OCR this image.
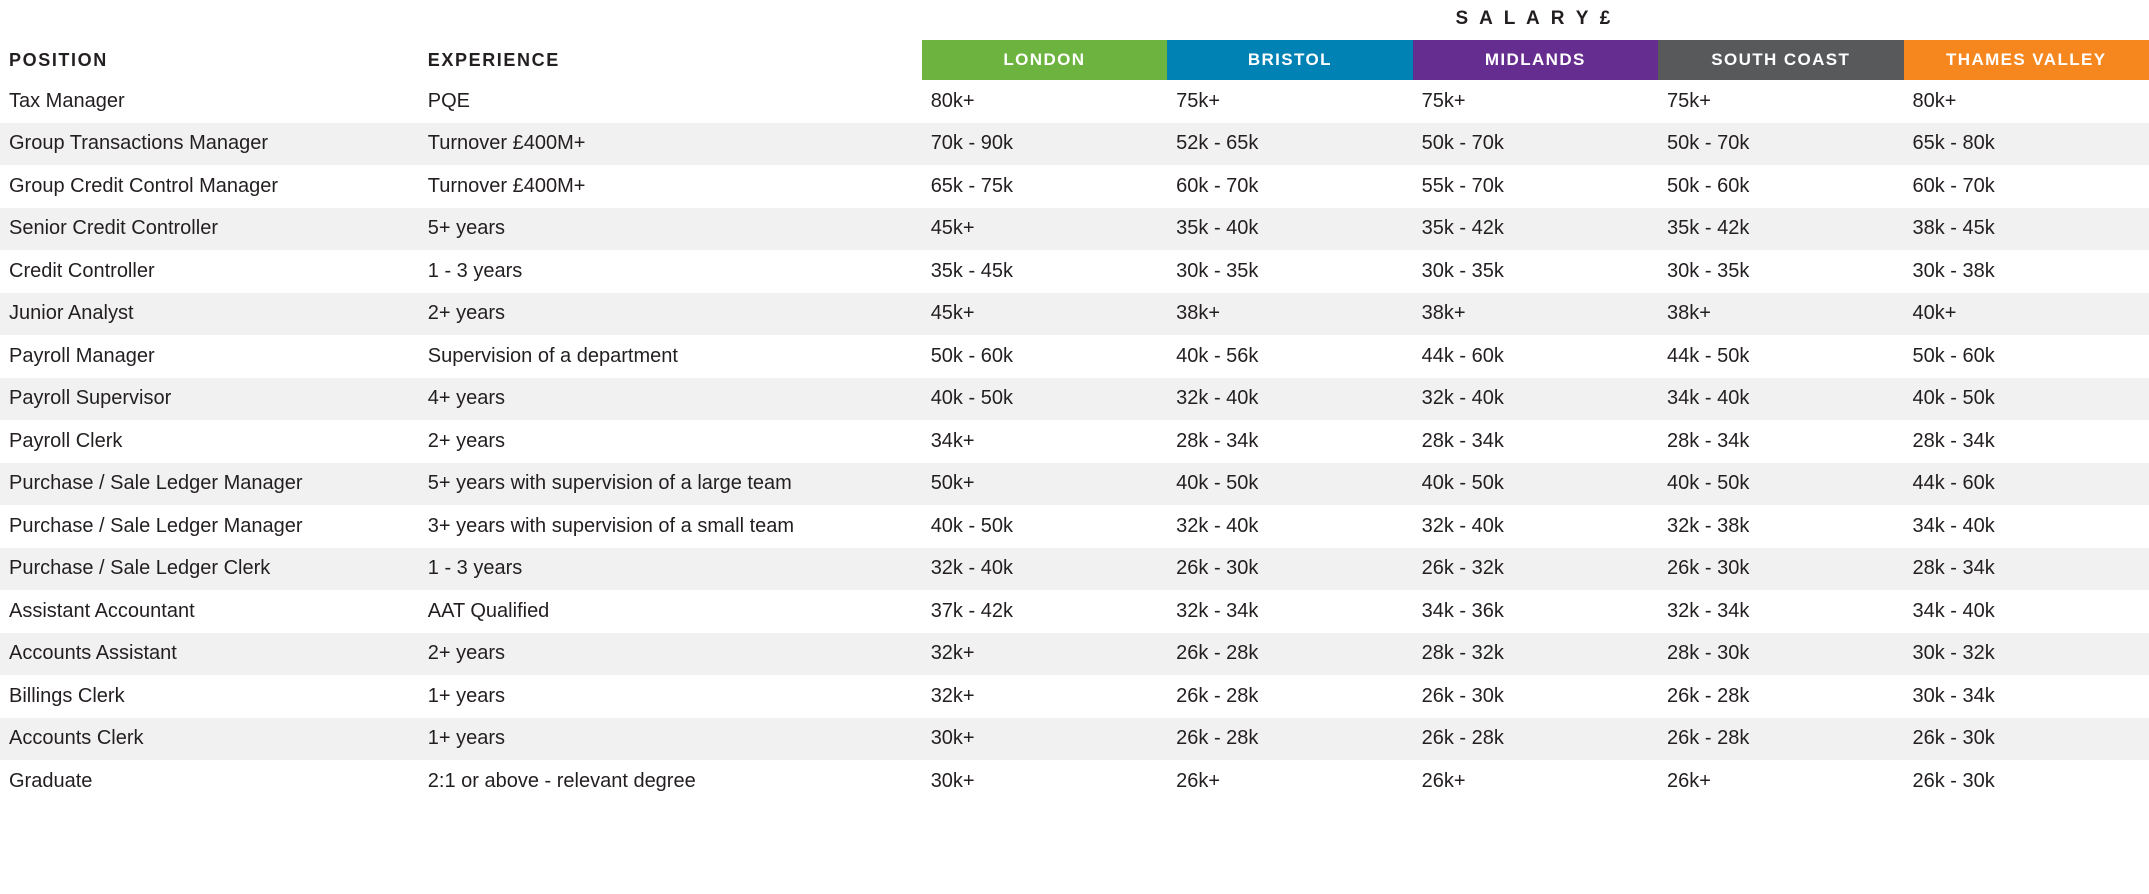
S A L A R Y £
POSITION	EXPERIENCE	LONDON	BRISTOL	MIDLANDS	SOUTH COAST	THAMES VALLEY
Tax Manager	PQE	80k+	75k+	75k+	75k+	80k+
Group Transactions Manager	Turnover £400M+	70k - 90k	52k - 65k	50k - 70k	50k - 70k	65k - 80k
Group Credit Control Manager	Turnover £400M+	65k - 75k	60k - 70k	55k - 70k	50k - 60k	60k - 70k
Senior Credit Controller	5+ years	45k+	35k - 40k	35k - 42k	35k - 42k	38k - 45k
Credit Controller	1 - 3 years	35k - 45k	30k - 35k	30k - 35k	30k - 35k	30k - 38k
Junior Analyst	2+ years	45k+	38k+	38k+	38k+	40k+
Payroll Manager	Supervision of a department	50k - 60k	40k - 56k	44k - 60k	44k - 50k	50k - 60k
Payroll Supervisor	4+ years	40k - 50k	32k - 40k	32k - 40k	34k - 40k	40k - 50k
Payroll Clerk	2+ years	34k+	28k - 34k	28k - 34k	28k - 34k	28k - 34k
Purchase / Sale Ledger Manager	5+ years with supervision of a large team	50k+	40k - 50k	40k - 50k	40k - 50k	44k - 60k
Purchase / Sale Ledger Manager	3+ years with supervision of a small team	40k - 50k	32k - 40k	32k - 40k	32k - 38k	34k - 40k
Purchase / Sale Ledger Clerk	1 - 3 years	32k - 40k	26k - 30k	26k - 32k	26k - 30k	28k - 34k
Assistant Accountant	AAT Qualified	37k - 42k	32k - 34k	34k - 36k	32k - 34k	34k - 40k
Accounts Assistant	2+ years	32k+	26k - 28k	28k - 32k	28k - 30k	30k - 32k
Billings Clerk	1+ years	32k+	26k - 28k	26k - 30k	26k - 28k	30k - 34k
Accounts Clerk	1+ years	30k+	26k - 28k	26k - 28k	26k - 28k	26k - 30k
Graduate	2:1 or above - relevant degree	30k+	26k+	26k+	26k+	26k - 30k
